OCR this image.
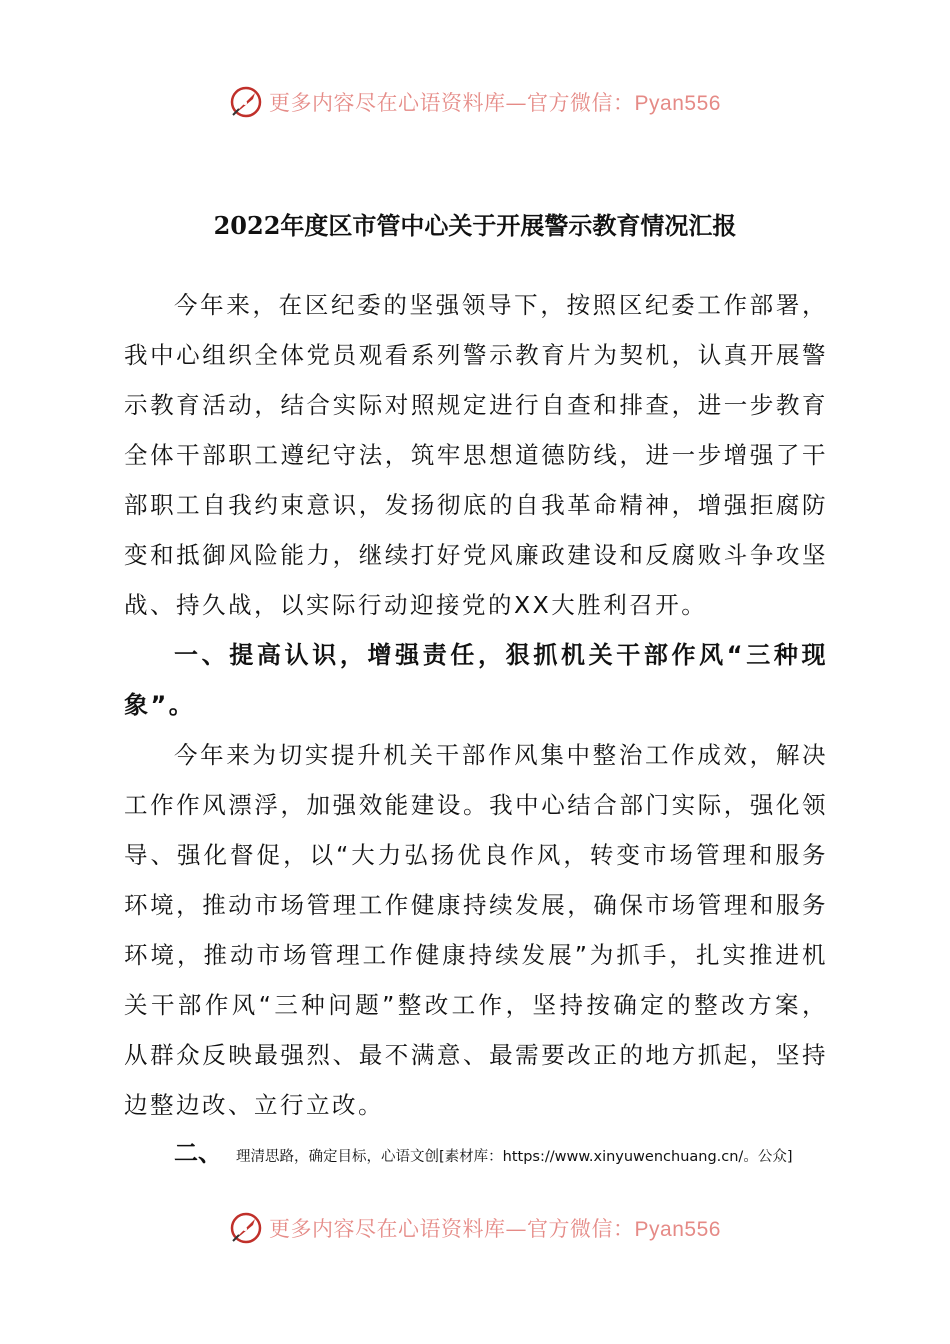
更多内容尽在心语资料库—官方微信：Pyan556
2022年度区市管中心关于开展警示教育情况汇报

今年来，在区纪委的坚强领导下，按照区纪委工作部署，我中心组织全体党员观看系列警示教育片为契机，认真开展警示教育活动，结合实际对照规定进行自查和排查，进一步教育全体干部职工遵纪守法，筑牢思想道德防线，进一步增强了干部职工自我约束意识，发扬彻底的自我革命精神，增强拒腐防变和抵御风险能力，继续打好党风廉政建设和反腐败斗争攻坚战、持久战，以实际行动迎接党的XX大胜利召开。

一、提高认识，增强责任，狠抓机关干部作风“三种现象”。

今年来为切实提升机关干部作风集中整治工作成效，解决工作作风漂浮，加强效能建设。我中心结合部门实际，强化领导、强化督促，以“大力弘扬优良作风，转变市场管理和服务环境，推动市场管理工作健康持续发展，确保市场管理和服务环境，推动市场管理工作健康持续发展”为抓手，扎实推进机关干部作风“三种问题”整改工作，坚持按确定的整改方案，从群众反映最强烈、最不满意、最需要改正的地方抓起，坚持边整边改、立行立改。

二、 理清思路，确定目标，心语文创[素材库：https://www.xinyuwenchuang.cn/。公众]
更多内容尽在心语资料库—官方微信：Pyan556
